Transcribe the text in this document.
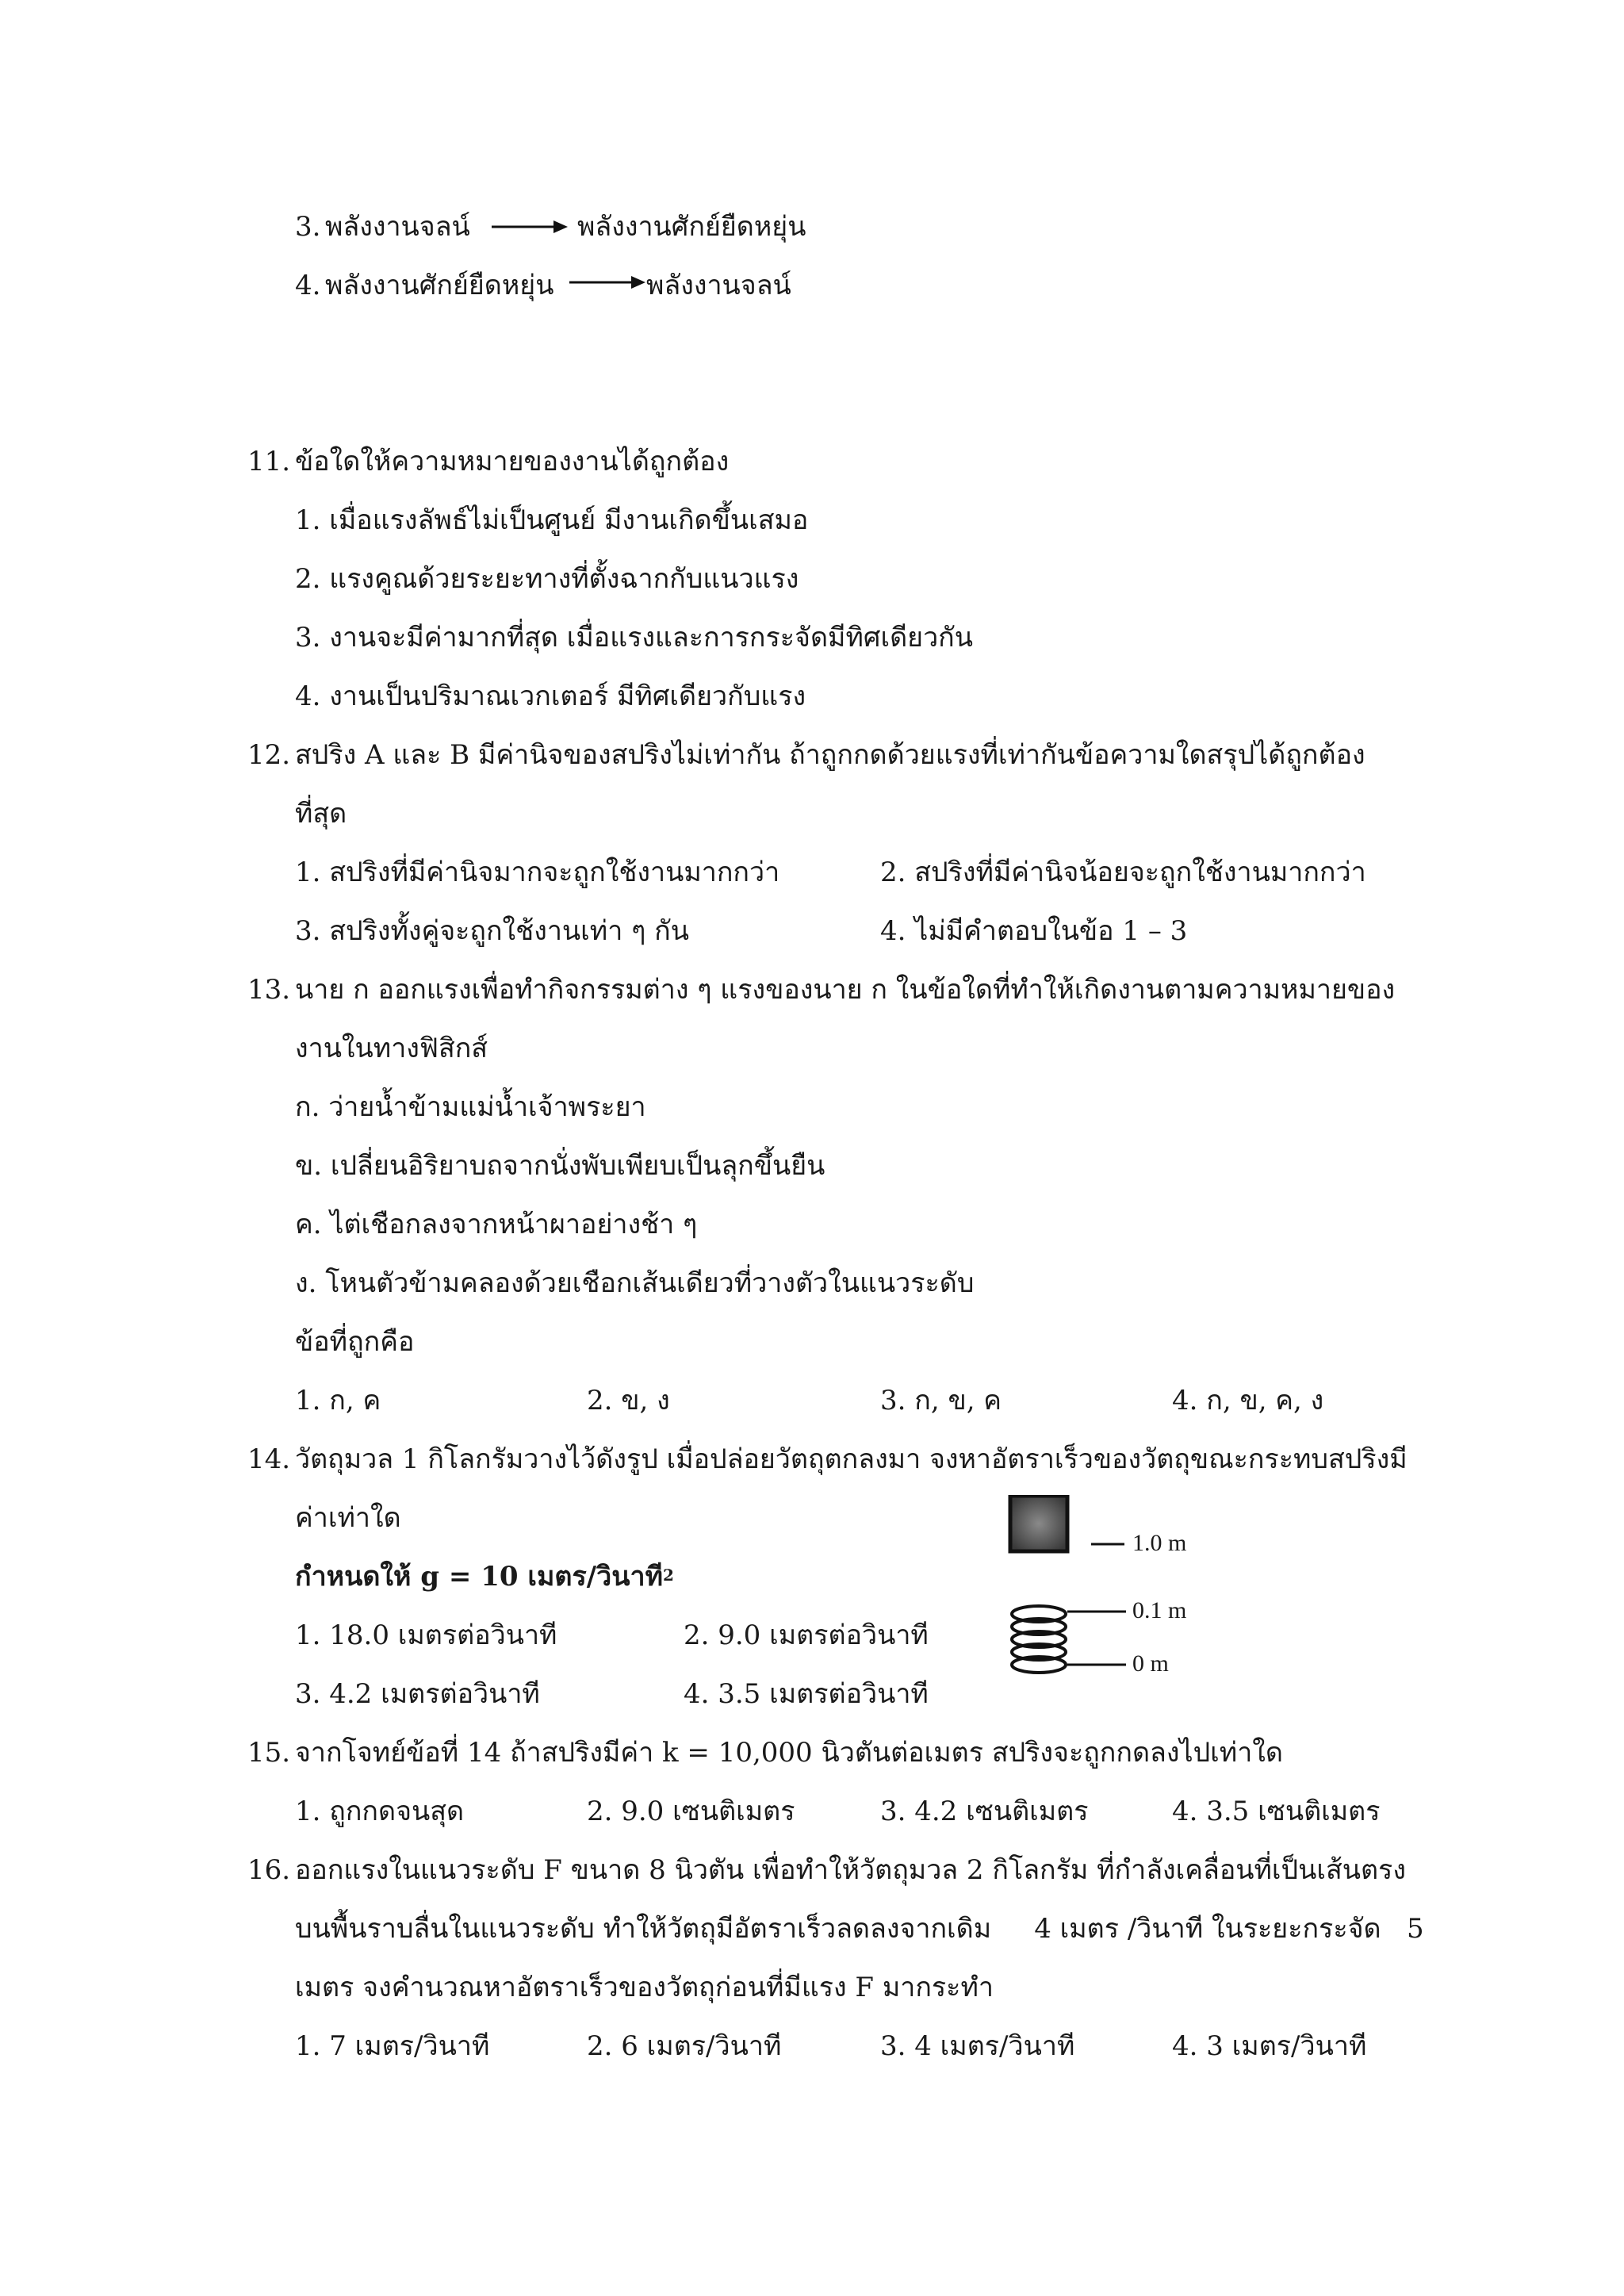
3. พลังงานจลน์	พลังงานศักย์ยืดหยุ่น
4. พลังงานศักย์ยืดหยุ่น	พลังงานจลน์
11. ข้อใดให้ความหมายของงานได้ถูกต้อง
1. เมื่อแรงลัพธ์ไม่เป็นศูนย์ มีงานเกิดขึ้นเสมอ
2. แรงคูณด้วยระยะทางที่ตั้งฉากกับแนวแรง
3. งานจะมีค่ามากที่สุด เมื่อแรงและการกระจัดมีทิศเดียวกัน
4. งานเป็นปริมาณเวกเตอร์ มีทิศเดียวกับแรง
12. สปริง A และ B มีค่านิจของสปริงไม่เท่ากัน ถ้าถูกกดด้วยแรงที่เท่ากันข้อความใดสรุปได้ถูกต้อง
ที่สุด
1. สปริงที่มีค่านิจมากจะถูกใช้งานมากกว่า	2. สปริงที่มีค่านิจน้อยจะถูกใช้งานมากกว่า
3. สปริงทั้งคู่จะถูกใช้งานเท่า ๆ กัน	4. ไม่มีคำตอบในข้อ 1 – 3
13. นาย ก ออกแรงเพื่อทำกิจกรรมต่าง ๆ แรงของนาย ก ในข้อใดที่ทำให้เกิดงานตามความหมายของ
งานในทางฟิสิกส์
ก. ว่ายน้ำข้ามแม่น้ำเจ้าพระยา
ข. เปลี่ยนอิริยาบถจากนั่งพับเพียบเป็นลุกขึ้นยืน
ค. ไต่เชือกลงจากหน้าผาอย่างช้า ๆ
ง. โหนตัวข้ามคลองด้วยเชือกเส้นเดียวที่วางตัวในแนวระดับ
ข้อที่ถูกคือ
1. ก, ค	2. ข, ง	3. ก, ข, ค	4. ก, ข, ค, ง
14. วัตถุมวล 1 กิโลกรัมวางไว้ดังรูป เมื่อปล่อยวัตถุตกลงมา จงหาอัตราเร็วของวัตถุขณะกระทบสปริงมี
ค่าเท่าใด
กำหนดให้ g = 10 เมตร/วินาที$^2$
1. 18.0 เมตรต่อวินาที	2. 9.0 เมตรต่อวินาที
3. 4.2 เมตรต่อวินาที	4. 3.5 เมตรต่อวินาที
1.0 m
0.1 m
0 m
15. จากโจทย์ข้อที่ 14 ถ้าสปริงมีค่า k = 10,000 นิวตันต่อเมตร สปริงจะถูกกดลงไปเท่าใด
1. ถูกกดจนสุด	2. 9.0 เซนติเมตร	3. 4.2 เซนติเมตร	4. 3.5 เซนติเมตร
16. ออกแรงในแนวระดับ F ขนาด 8 นิวตัน เพื่อทำให้วัตถุมวล 2 กิโลกรัม ที่กำลังเคลื่อนที่เป็นเส้นตรง
บนพื้นราบลื่นในแนวระดับ ทำให้วัตถุมีอัตราเร็วลดลงจากเดิม     4 เมตร /วินาที ในระยะกระจัด   5
เมตร จงคำนวณหาอัตราเร็วของวัตถุก่อนที่มีแรง F มากระทำ
1. 7 เมตร/วินาที	2. 6 เมตร/วินาที	3. 4 เมตร/วินาที	4. 3 เมตร/วินาที
